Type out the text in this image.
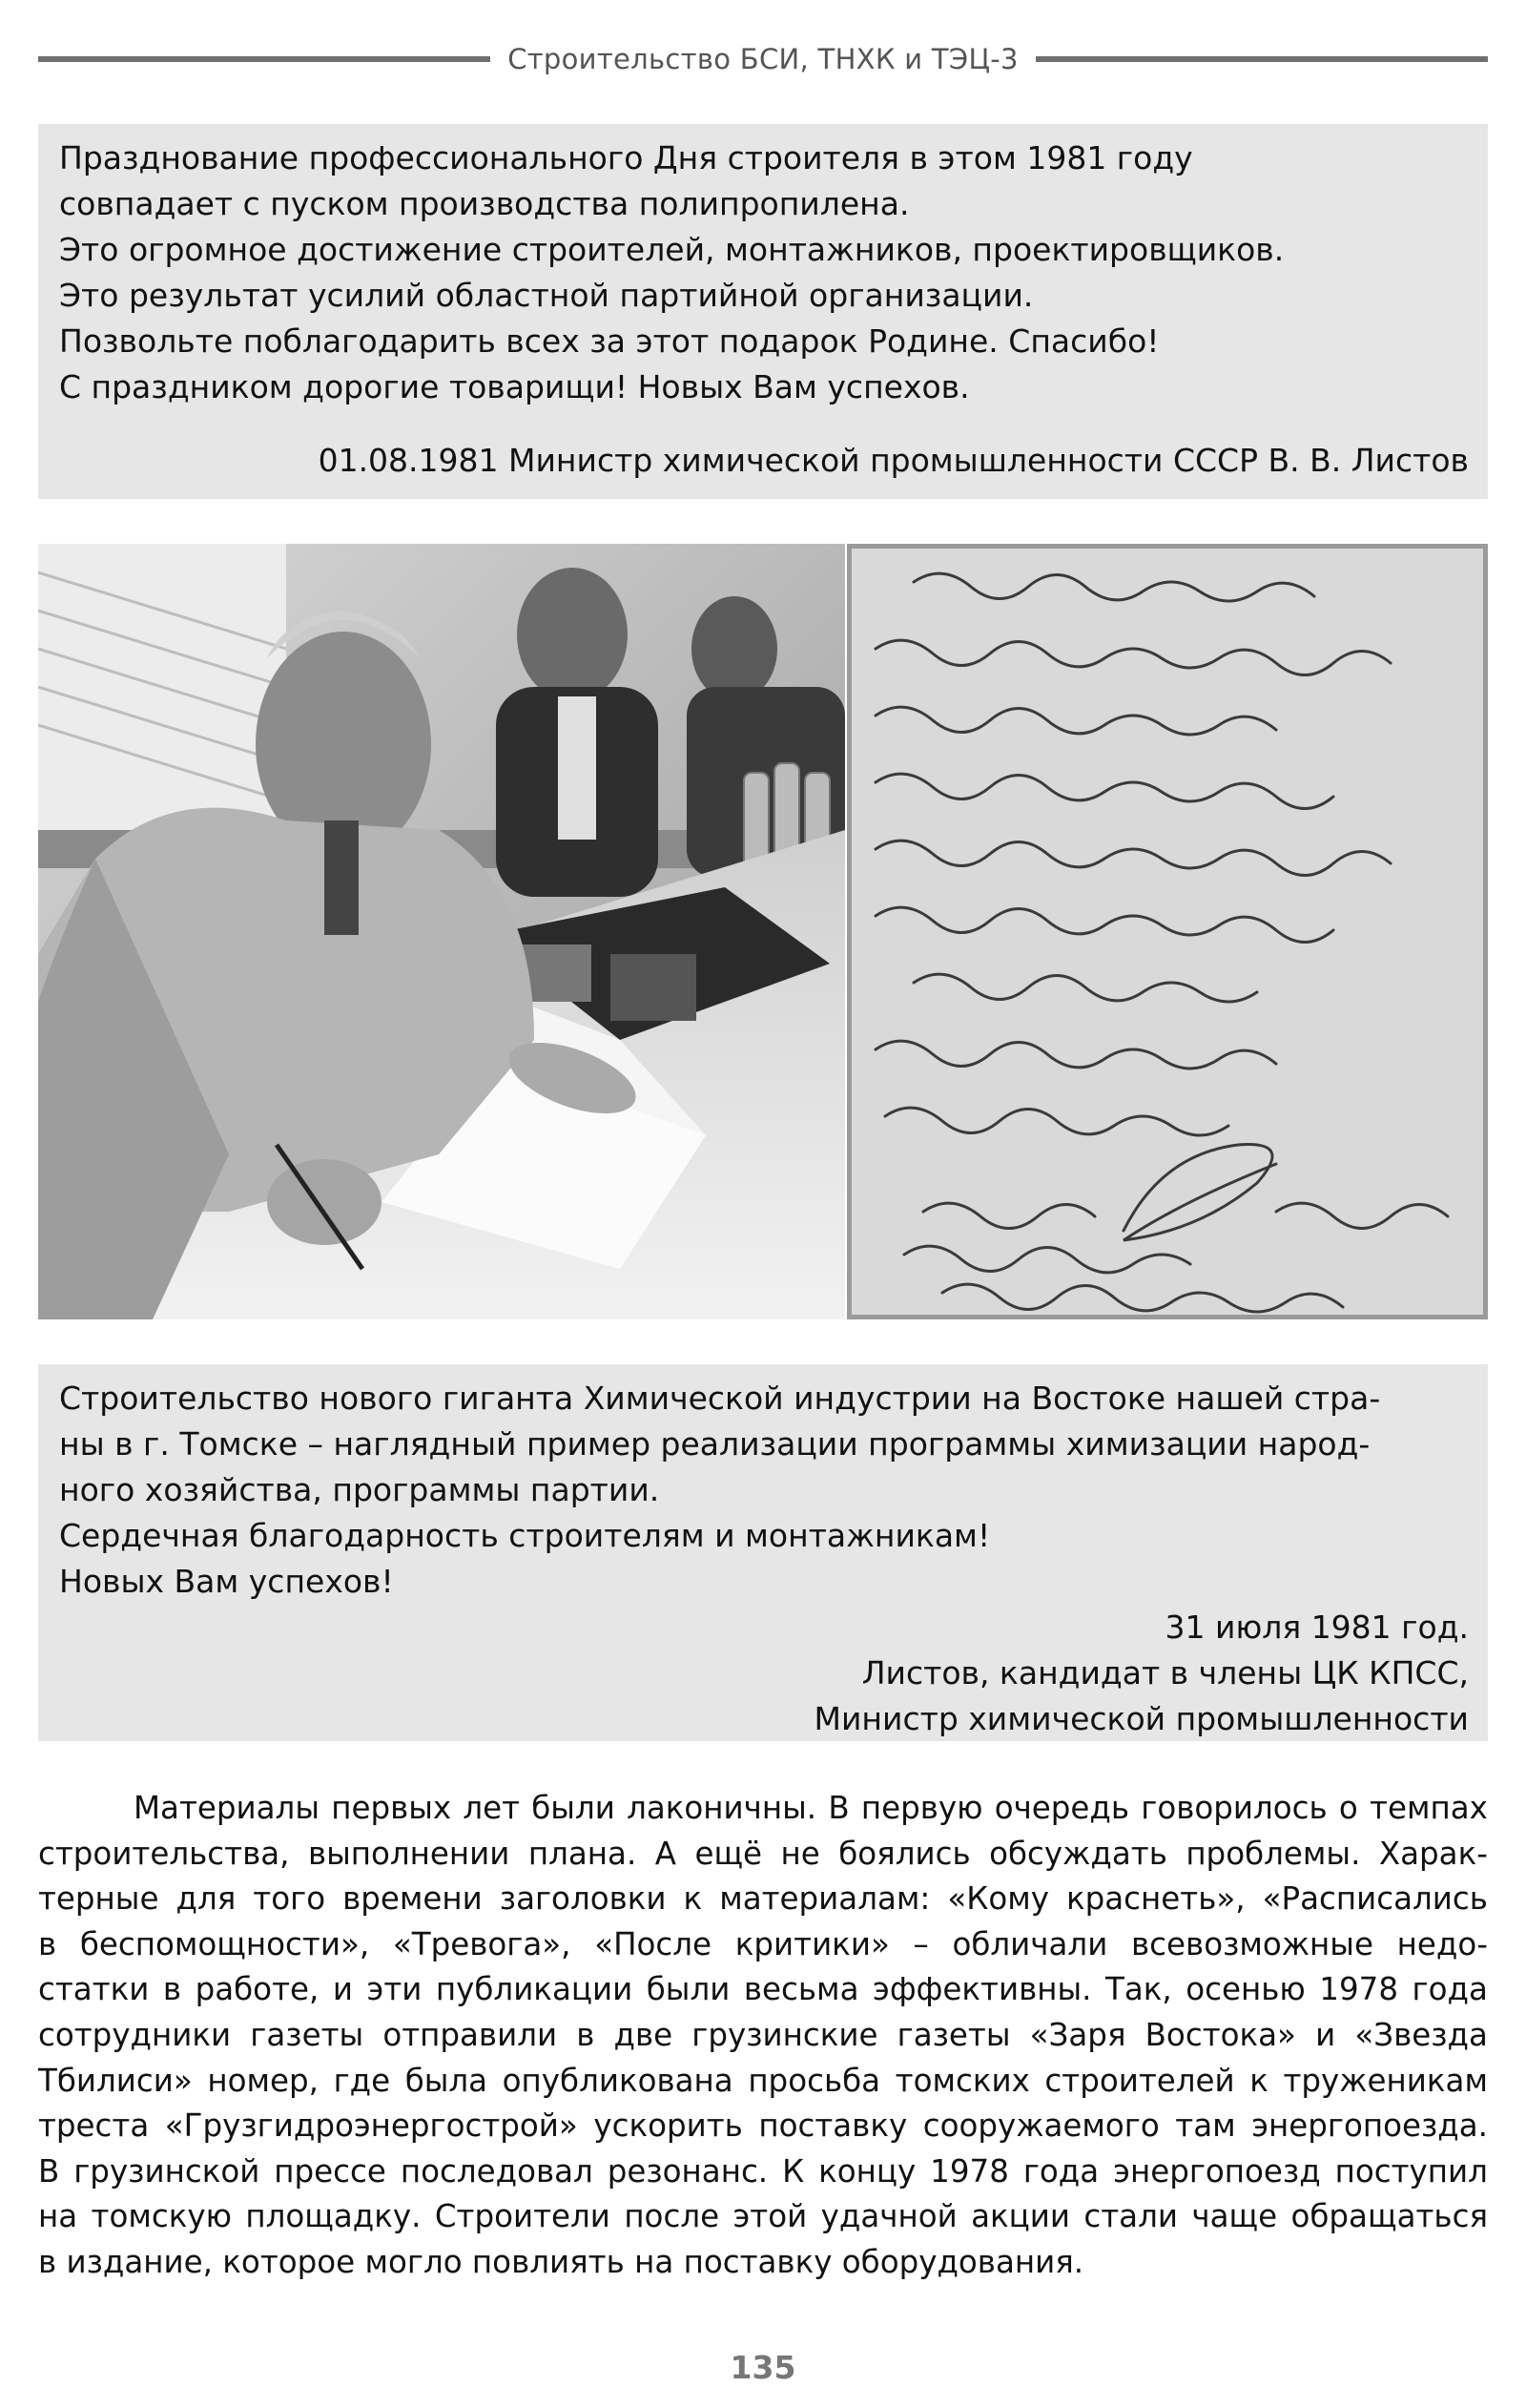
Строительство БСИ, ТНХК и ТЭЦ-3
Празднование профессионального Дня строителя в этом 1981 году
совпадает с пуском производства полипропилена.
Это огромное достижение строителей, монтажников, проектировщиков.
Это результат усилий областной партийной организации.
Позвольте поблагодарить всех за этот подарок Родине. Спасибо!
С праздником дорогие товарищи! Новых Вам успехов.
01.08.1981 Министр химической промышленности СССР В. В. Листов
Строительство нового гиганта Химической индустрии на Востоке нашей стра-
ны в г. Томске – наглядный пример реализации программы химизации народ-
ного хозяйства, программы партии.
Сердечная благодарность строителям и монтажникам!
Новых Вам успехов!
31 июля 1981 год.
Листов, кандидат в члены ЦК КПСС,
Министр химической промышленности
Материалы первых лет были лаконичны. В первую очередь говорилось о темпах
строительства, выполнении плана. А ещё не боялись обсуждать проблемы. Харак-
терные для того времени заголовки к материалам: «Кому краснеть», «Расписались
в беспомощности», «Тревога», «После критики» – обличали всевозможные недо-
статки в работе, и эти публикации были весьма эффективны. Так, осенью 1978 года
сотрудники газеты отправили в две грузинские газеты «Заря Востока» и «Звезда
Тбилиси» номер, где была опубликована просьба томских строителей к труженикам
треста «Грузгидроэнергострой» ускорить поставку сооружаемого там энергопоезда.
В грузинской прессе последовал резонанс. К концу 1978 года энергопоезд поступил
на томскую площадку. Строители после этой удачной акции стали чаще обращаться
в издание, которое могло повлиять на поставку оборудования.
135
